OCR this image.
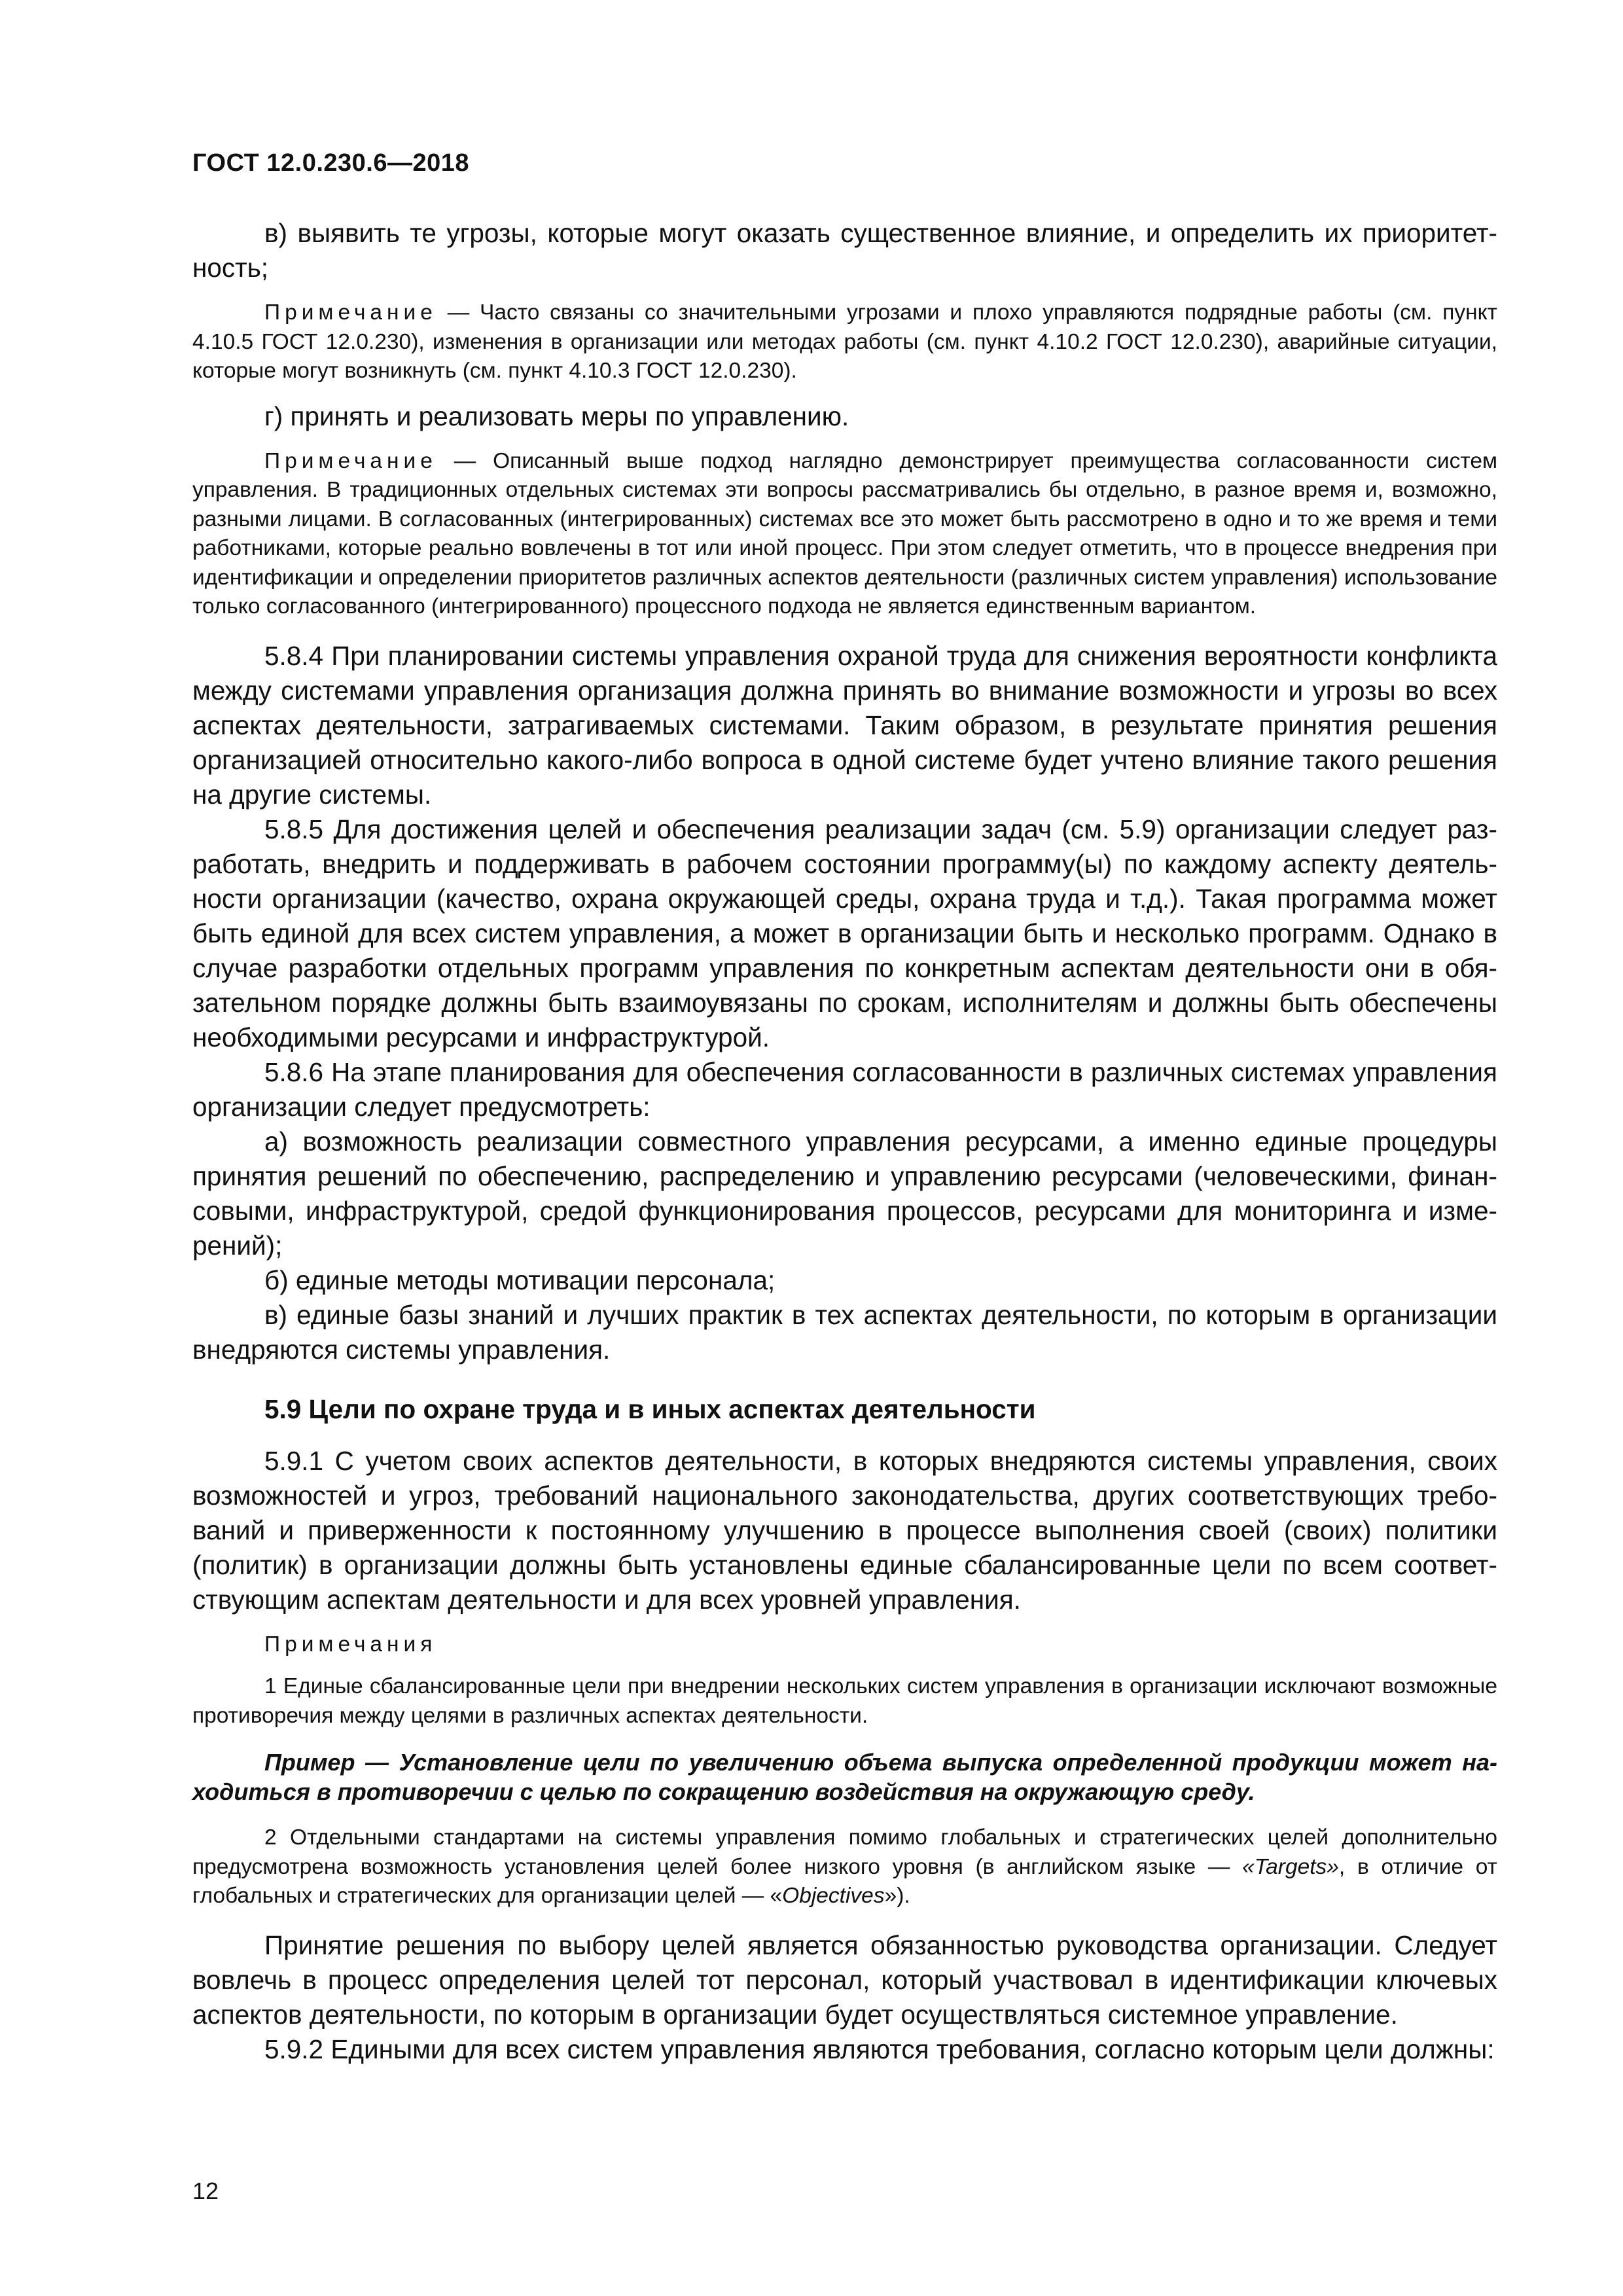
ГОСТ 12.0.230.6—2018

в) выявить те угрозы, которые могут оказать существенное влияние, и определить их приоритетность;

Примечание — Часто связаны со значительными угрозами и плохо управляются подрядные работы (см. пункт 4.10.5 ГОСТ 12.0.230), изменения в организации или методах работы (см. пункт 4.10.2 ГОСТ 12.0.230), аварийные ситуации, которые могут возникнуть (см. пункт 4.10.3 ГОСТ 12.0.230).

г) принять и реализовать меры по управлению.

Примечание — Описанный выше подход наглядно демонстрирует преимущества согласованности систем управления. В традиционных отдельных системах эти вопросы рассматривались бы отдельно, в разное время и, возможно, разными лицами. В согласованных (интегрированных) системах все это может быть рассмотрено в одно и то же время и теми работниками, которые реально вовлечены в тот или иной процесс. При этом следует отметить, что в процессе внедрения при идентификации и определении приоритетов различных аспектов деятельности (различных систем управления) использование только согласованного (интегрированного) процессного подхода не является единственным вариантом.

5.8.4 При планировании системы управления охраной труда для снижения вероятности конфликта между системами управления организация должна принять во внимание возможности и угрозы во всех аспектах деятельности, затрагиваемых системами. Таким образом, в результате принятия решения организацией относительно какого-либо вопроса в одной системе будет учтено влияние такого решения на другие системы.

5.8.5 Для достижения целей и обеспечения реализации задач (см. 5.9) организации следует разработать, внедрить и поддерживать в рабочем состоянии программу(ы) по каждому аспекту деятельности организации (качество, охрана окружающей среды, охрана труда и т.д.). Такая программа может быть единой для всех систем управления, а может в организации быть и несколько программ. Однако в случае разработки отдельных программ управления по конкретным аспектам деятельности они в обязательном порядке должны быть взаимоувязаны по срокам, исполнителям и должны быть обеспечены необходимыми ресурсами и инфраструктурой.

5.8.6 На этапе планирования для обеспечения согласованности в различных системах управления организации следует предусмотреть:

а) возможность реализации совместного управления ресурсами, а именно единые процедуры принятия решений по обеспечению, распределению и управлению ресурсами (человеческими, финансовыми, инфраструктурой, средой функционирования процессов, ресурсами для мониторинга и измерений);

б) единые методы мотивации персонала;

в) единые базы знаний и лучших практик в тех аспектах деятельности, по которым в организации внедряются системы управления.

5.9 Цели по охране труда и в иных аспектах деятельности

5.9.1 С учетом своих аспектов деятельности, в которых внедряются системы управления, своих возможностей и угроз, требований национального законодательства, других соответствующих требований и приверженности к постоянному улучшению в процессе выполнения своей (своих) политики (политик) в организации должны быть установлены единые сбалансированные цели по всем соответствующим аспектам деятельности и для всех уровней управления.

Примечания

1 Единые сбалансированные цели при внедрении нескольких систем управления в организации исключают возможные противоречия между целями в различных аспектах деятельности.

Пример — Установление цели по увеличению объема выпуска определенной продукции может находиться в противоречии с целью по сокращению воздействия на окружающую среду.

2 Отдельными стандартами на системы управления помимо глобальных и стратегических целей дополнительно предусмотрена возможность установления целей более низкого уровня (в английском языке — «Targets», в отличие от глобальных и стратегических для организации целей — «Objectives»).

Принятие решения по выбору целей является обязанностью руководства организации. Следует вовлечь в процесс определения целей тот персонал, который участвовал в идентификации ключевых аспектов деятельности, по которым в организации будет осуществляться системное управление.

5.9.2 Едиными для всех систем управления являются требования, согласно которым цели должны:

12
